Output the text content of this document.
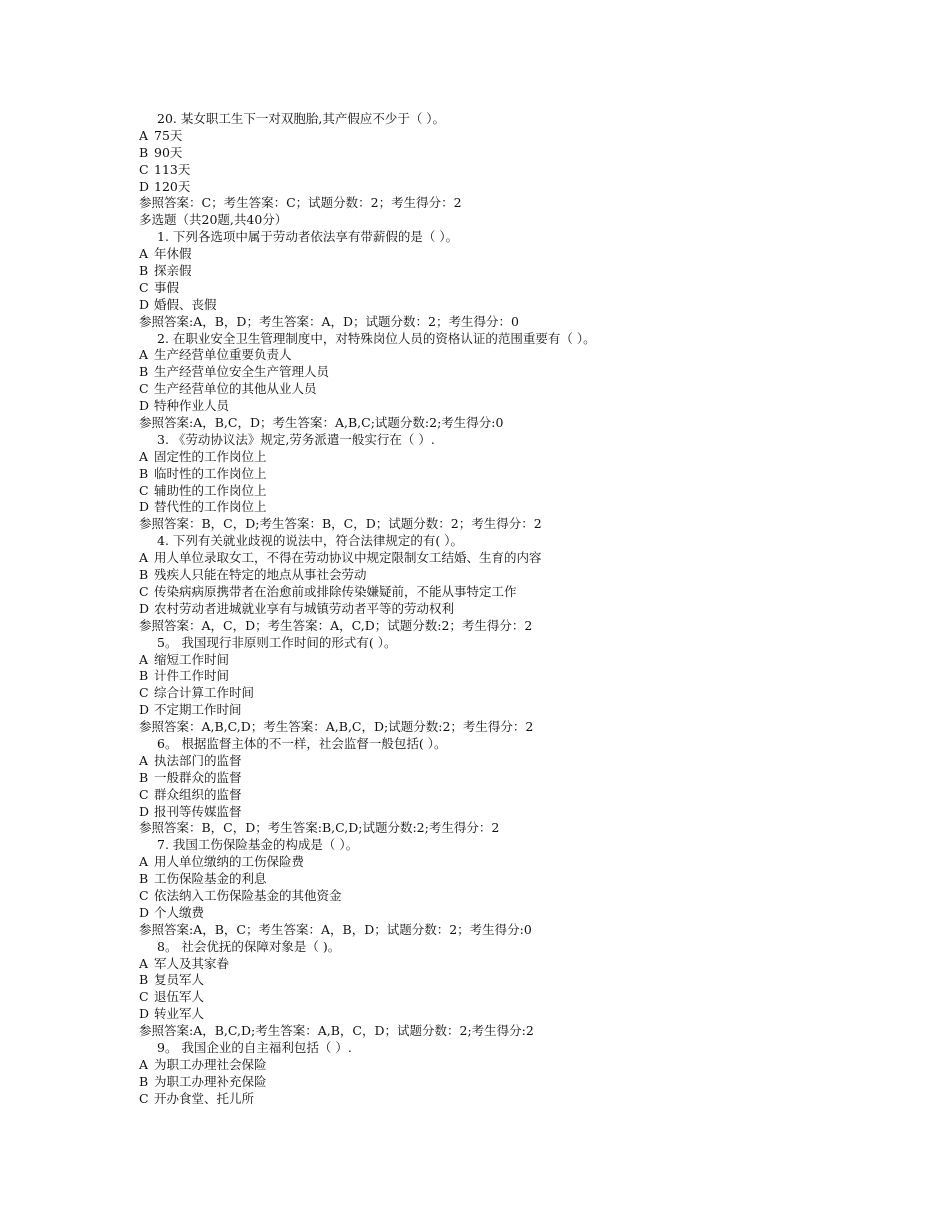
20. 某女职工生下一对双胞胎,其产假应不少于（ ）。
A 75天
B 90天
C 113天
D 120天
参照答案：C；考生答案：C；试题分数：2；考生得分：2
多选题（共20题,共40分）
1. 下列各选项中属于劳动者依法享有带薪假的是（ ）。
A 年休假
B 探亲假
C 事假
D 婚假、丧假
参照答案:A，B，D；考生答案：A，D；试题分数：2；考生得分：0
2. 在职业安全卫生管理制度中，对特殊岗位人员的资格认证的范围重要有（ ）。
A 生产经营单位重要负责人
B 生产经营单位安全生产管理人员
C 生产经营单位的其他从业人员
D 特种作业人员
参照答案:A，B,C，D；考生答案：A,B,C;试题分数:2;考生得分:0
3. 《劳动协议法》规定,劳务派遣一般实行在（ ）.
A 固定性的工作岗位上
B 临时性的工作岗位上
C 辅助性的工作岗位上
D 替代性的工作岗位上
参照答案：B，C，D;考生答案：B，C，D；试题分数：2；考生得分：2
4. 下列有关就业歧视的说法中，符合法律规定的有( ）。
A 用人单位录取女工，不得在劳动协议中规定限制女工结婚、生育的内容
B 残疾人只能在特定的地点从事社会劳动
C 传染病病原携带者在治愈前或排除传染嫌疑前，不能从事特定工作
D 农村劳动者进城就业享有与城镇劳动者平等的劳动权利
参照答案：A，C，D；考生答案：A，C,D；试题分数:2；考生得分：2
5。 我国现行非原则工作时间的形式有( ）。
A 缩短工作时间
B 计件工作时间
C 综合计算工作时间
D 不定期工作时间
参照答案：A,B,C,D；考生答案：A,B,C，D;试题分数:2；考生得分：2
6。 根据监督主体的不一样，社会监督一般包括( ）。
A 执法部门的监督
B 一般群众的监督
C 群众组织的监督
D 报刊等传媒监督
参照答案：B，C，D；考生答案:B,C,D;试题分数:2;考生得分：2
7. 我国工伤保险基金的构成是（ ）。
A 用人单位缴纳的工伤保险费
B 工伤保险基金的利息
C 依法纳入工伤保险基金的其他资金
D 个人缴费
参照答案:A，B，C；考生答案：A，B，D；试题分数：2；考生得分:0
8。 社会优抚的保障对象是（ )。
A 军人及其家眷
B 复员军人
C 退伍军人
D 转业军人
参照答案:A，B,C,D;考生答案：A,B，C，D；试题分数：2;考生得分:2
9。 我国企业的自主福利包括（ ）.
A 为职工办理社会保险
B 为职工办理补充保险
C 开办食堂、托儿所
